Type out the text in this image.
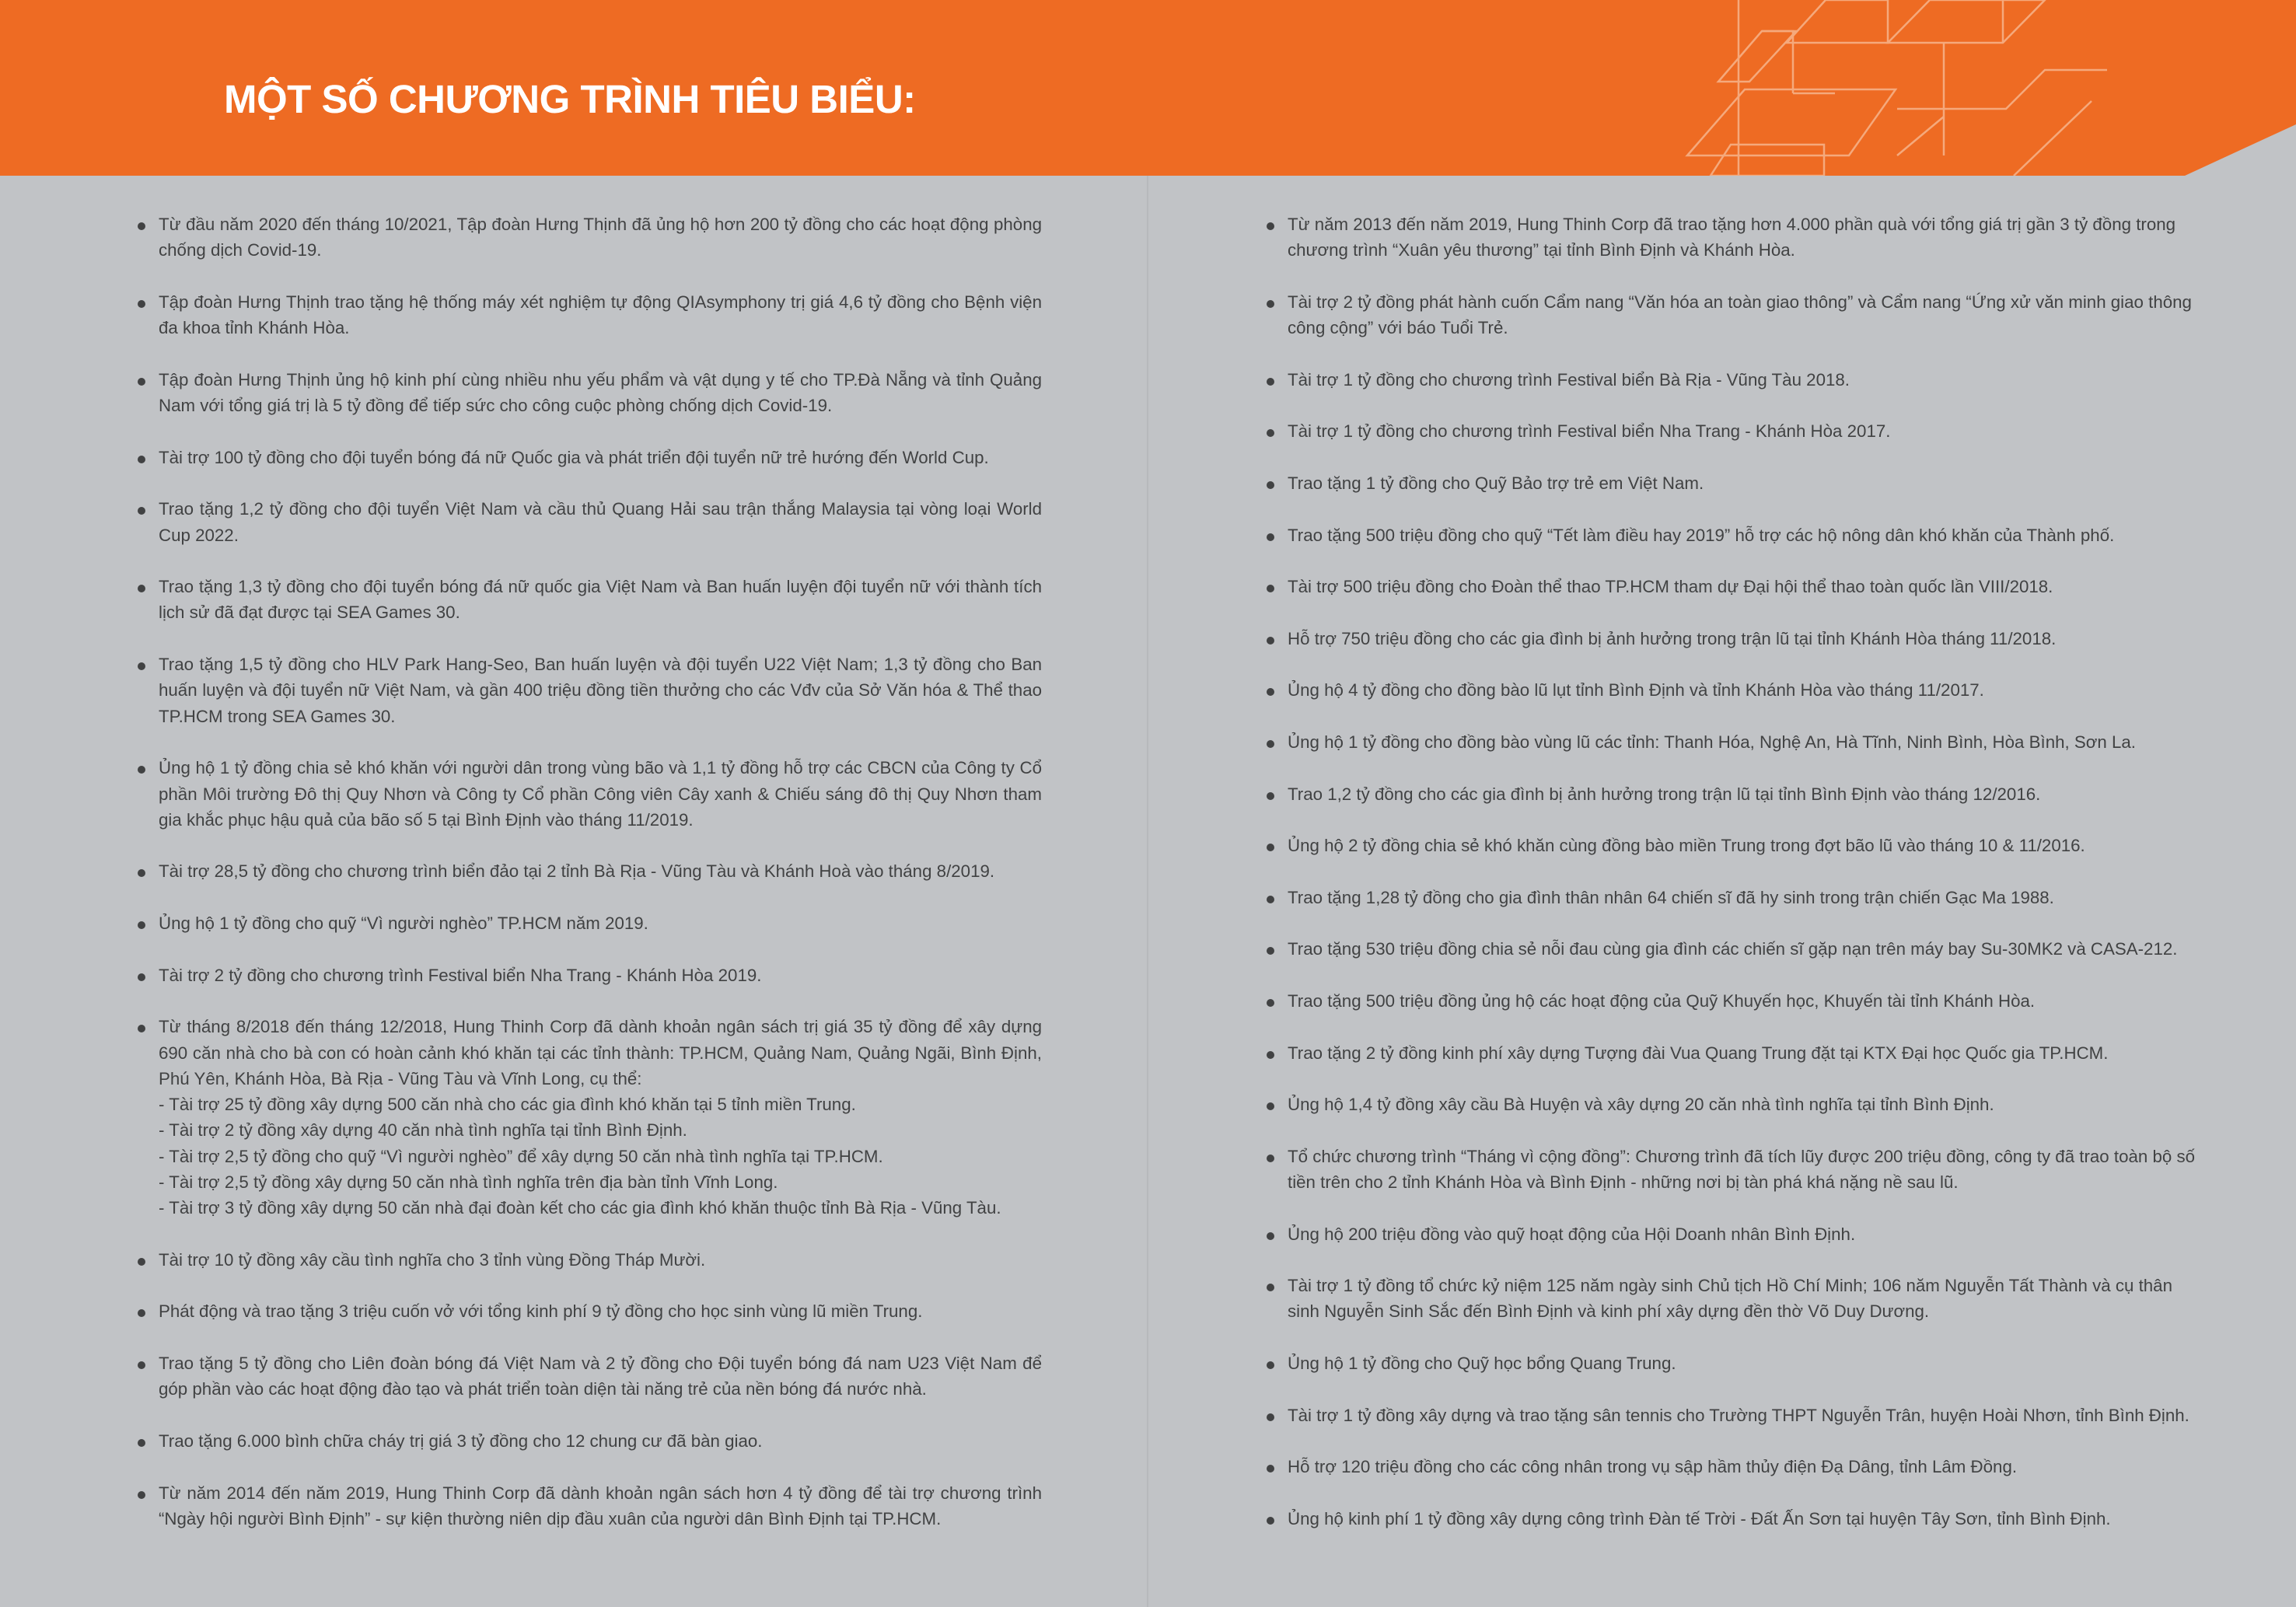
MỘT SỐ CHƯƠNG TRÌNH TIÊU BIỂU:
Từ đầu năm 2020 đến tháng 10/2021, Tập đoàn Hưng Thịnh đã ủng hộ hơn 200 tỷ đồng cho các hoạt động phòng chống dịch Covid-19.
Tập đoàn Hưng Thịnh trao tặng hệ thống máy xét nghiệm tự động QIAsymphony trị giá 4,6 tỷ đồng cho Bệnh viện đa khoa tỉnh Khánh Hòa.
Tập đoàn Hưng Thịnh ủng hộ kinh phí cùng nhiều nhu yếu phẩm và vật dụng y tế cho TP.Đà Nẵng và tỉnh Quảng Nam với tổng giá trị là 5 tỷ đồng để tiếp sức cho công cuộc phòng chống dịch Covid-19.
Tài trợ 100 tỷ đồng cho đội tuyển bóng đá nữ Quốc gia và phát triển đội tuyển nữ trẻ hướng đến World Cup.
Trao tặng 1,2 tỷ đồng cho đội tuyển Việt Nam và cầu thủ Quang Hải sau trận thắng Malaysia tại vòng loại World Cup 2022.
Trao tặng 1,3 tỷ đồng cho đội tuyển bóng đá nữ quốc gia Việt Nam và Ban huấn luyện đội tuyển nữ với thành tích lịch sử đã đạt được tại SEA Games 30.
Trao tặng 1,5 tỷ đồng cho HLV Park Hang-Seo, Ban huấn luyện và đội tuyển U22 Việt Nam; 1,3 tỷ đồng cho Ban huấn luyện và đội tuyển nữ Việt Nam, và gần 400 triệu đồng tiền thưởng cho các Vđv của Sở Văn hóa & Thể thao TP.HCM trong SEA Games 30.
Ủng hộ 1 tỷ đồng chia sẻ khó khăn với người dân trong vùng bão và 1,1 tỷ đồng hỗ trợ các CBCN của Công ty Cổ phần Môi trường Đô thị Quy Nhơn và Công ty Cổ phần Công viên Cây xanh & Chiếu sáng đô thị Quy Nhơn tham gia khắc phục hậu quả của bão số 5 tại Bình Định vào tháng 11/2019.
Tài trợ 28,5 tỷ đồng cho chương trình biển đảo tại 2 tỉnh Bà Rịa - Vũng Tàu và Khánh Hoà vào tháng 8/2019.
Ủng hộ 1 tỷ đồng cho quỹ “Vì người nghèo” TP.HCM năm 2019.
Tài trợ 2 tỷ đồng cho chương trình Festival biển Nha Trang - Khánh Hòa 2019.
Từ tháng 8/2018 đến tháng 12/2018, Hung Thinh Corp đã dành khoản ngân sách trị giá 35 tỷ đồng để xây dựng 690 căn nhà cho bà con có hoàn cảnh khó khăn tại các tỉnh thành: TP.HCM, Quảng Nam, Quảng Ngãi, Bình Định, Phú Yên, Khánh Hòa, Bà Rịa - Vũng Tàu và Vĩnh Long, cụ thể:
- Tài trợ 25 tỷ đồng xây dựng 500 căn nhà cho các gia đình khó khăn tại 5 tỉnh miền Trung.
- Tài trợ 2 tỷ đồng xây dựng 40 căn nhà tình nghĩa tại tỉnh Bình Định.
- Tài trợ 2,5 tỷ đồng cho quỹ “Vì người nghèo” để xây dựng 50 căn nhà tình nghĩa tại TP.HCM.
- Tài trợ 2,5 tỷ đồng xây dựng 50 căn nhà tình nghĩa trên địa bàn tỉnh Vĩnh Long.
- Tài trợ 3 tỷ đồng xây dựng 50 căn nhà đại đoàn kết cho các gia đình khó khăn thuộc tỉnh Bà Rịa - Vũng Tàu.
Tài trợ 10 tỷ đồng xây cầu tình nghĩa cho 3 tỉnh vùng Đồng Tháp Mười.
Phát động và trao tặng 3 triệu cuốn vở với tổng kinh phí 9 tỷ đồng cho học sinh vùng lũ miền Trung.
Trao tặng 5 tỷ đồng cho Liên đoàn bóng đá Việt Nam và 2 tỷ đồng cho Đội tuyển bóng đá nam U23 Việt Nam để góp phần vào các hoạt động đào tạo và phát triển toàn diện tài năng trẻ của nền bóng đá nước nhà.
Trao tặng 6.000 bình chữa cháy trị giá 3 tỷ đồng cho 12 chung cư đã bàn giao.
Từ năm 2014 đến năm 2019, Hung Thinh Corp đã dành khoản ngân sách hơn 4 tỷ đồng để tài trợ chương trình “Ngày hội người Bình Định” - sự kiện thường niên dịp đầu xuân của người dân Bình Định tại TP.HCM.
Từ năm 2013 đến năm 2019, Hung Thinh Corp đã trao tặng hơn 4.000 phần quà với tổng giá trị gần 3 tỷ đồng trong chương trình “Xuân yêu thương” tại tỉnh Bình Định và Khánh Hòa.
Tài trợ 2 tỷ đồng phát hành cuốn Cẩm nang “Văn hóa an toàn giao thông” và Cẩm nang “Ứng xử văn minh giao thông công cộng” với báo Tuổi Trẻ.
Tài trợ 1 tỷ đồng cho chương trình Festival biển Bà Rịa - Vũng Tàu 2018.
Tài trợ 1 tỷ đồng cho chương trình Festival biển Nha Trang - Khánh Hòa 2017.
Trao tặng 1 tỷ đồng cho Quỹ Bảo trợ trẻ em Việt Nam.
Trao tặng 500 triệu đồng cho quỹ “Tết làm điều hay 2019” hỗ trợ các hộ nông dân khó khăn của Thành phố.
Tài trợ 500 triệu đồng cho Đoàn thể thao TP.HCM tham dự Đại hội thể thao toàn quốc lần VIII/2018.
Hỗ trợ 750 triệu đồng cho các gia đình bị ảnh hưởng trong trận lũ tại tỉnh Khánh Hòa tháng 11/2018.
Ủng hộ 4 tỷ đồng cho đồng bào lũ lụt tỉnh Bình Định và tỉnh Khánh Hòa vào tháng 11/2017.
Ủng hộ 1 tỷ đồng cho đồng bào vùng lũ các tỉnh: Thanh Hóa, Nghệ An, Hà Tĩnh, Ninh Bình, Hòa Bình, Sơn La.
Trao 1,2 tỷ đồng cho các gia đình bị ảnh hưởng trong trận lũ tại tỉnh Bình Định vào tháng 12/2016.
Ủng hộ 2 tỷ đồng chia sẻ khó khăn cùng đồng bào miền Trung trong đợt bão lũ vào tháng 10 & 11/2016.
Trao tặng 1,28 tỷ đồng cho gia đình thân nhân 64 chiến sĩ đã hy sinh trong trận chiến Gạc Ma 1988.
Trao tặng 530 triệu đồng chia sẻ nỗi đau cùng gia đình các chiến sĩ gặp nạn trên máy bay Su-30MK2 và CASA-212.
Trao tặng 500 triệu đồng ủng hộ các hoạt động của Quỹ Khuyến học, Khuyến tài tỉnh Khánh Hòa.
Trao tặng 2 tỷ đồng kinh phí xây dựng Tượng đài Vua Quang Trung đặt tại KTX Đại học Quốc gia TP.HCM.
Ủng hộ 1,4 tỷ đồng xây cầu Bà Huyện và xây dựng 20 căn nhà tình nghĩa tại tỉnh Bình Định.
Tổ chức chương trình “Tháng vì cộng đồng”: Chương trình đã tích lũy được 200 triệu đồng, công ty đã trao toàn bộ số tiền trên cho 2 tỉnh Khánh Hòa và Bình Định - những nơi bị tàn phá khá nặng nề sau lũ.
Ủng hộ 200 triệu đồng vào quỹ hoạt động của Hội Doanh nhân Bình Định.
Tài trợ 1 tỷ đồng tổ chức kỷ niệm 125 năm ngày sinh Chủ tịch Hồ Chí Minh; 106 năm Nguyễn Tất Thành và cụ thân sinh Nguyễn Sinh Sắc đến Bình Định và kinh phí xây dựng đền thờ Võ Duy Dương.
Ủng hộ 1 tỷ đồng cho Quỹ học bổng Quang Trung.
Tài trợ 1 tỷ đồng xây dựng và trao tặng sân tennis cho Trường THPT Nguyễn Trân, huyện Hoài Nhơn, tỉnh Bình Định.
Hỗ trợ 120 triệu đồng cho các công nhân trong vụ sập hầm thủy điện Đạ Dâng, tỉnh Lâm Đồng.
Ủng hộ kinh phí 1 tỷ đồng xây dựng công trình Đàn tế Trời - Đất Ấn Sơn tại huyện Tây Sơn, tỉnh Bình Định.
